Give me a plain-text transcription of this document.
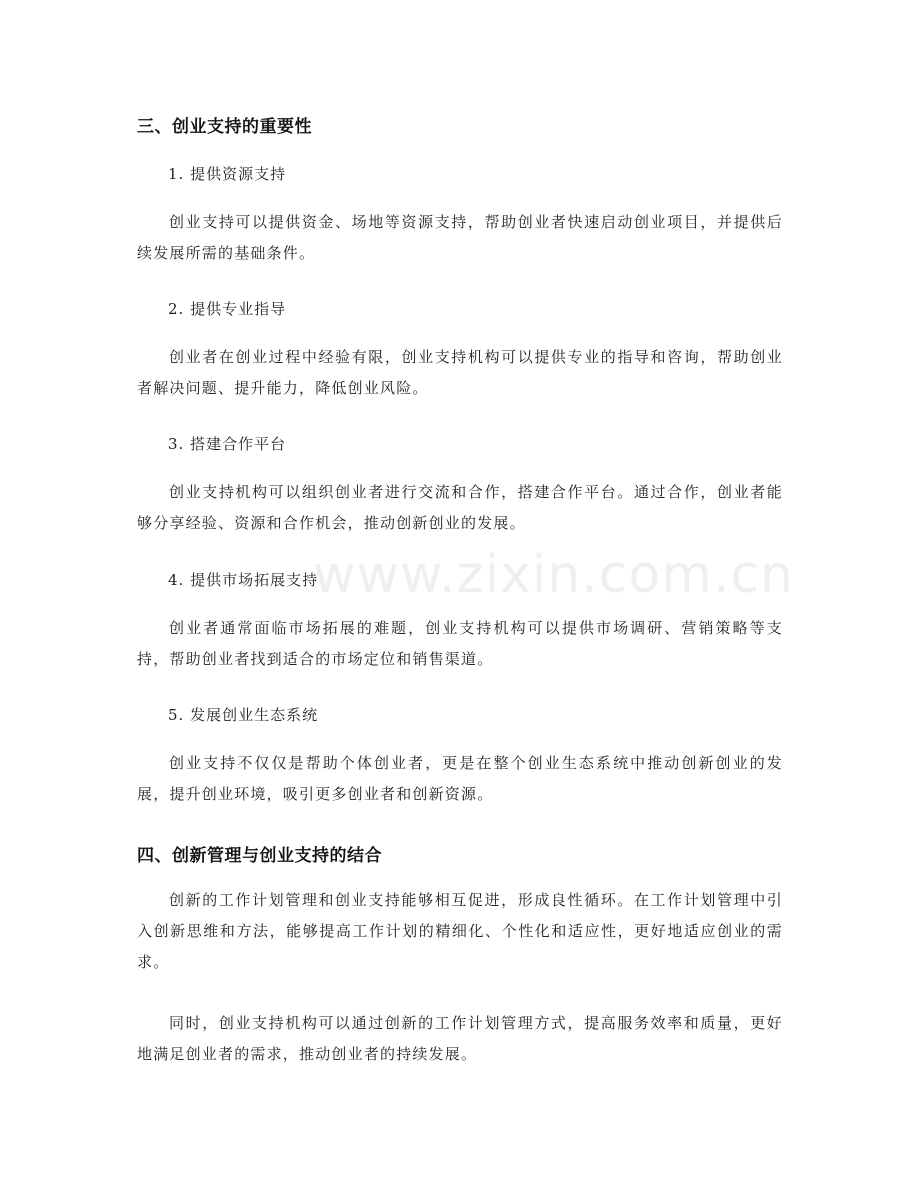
www.zixin.com.cn
三、创业支持的重要性
1. 提供资源支持
创业支持可以提供资金、场地等资源支持，帮助创业者快速启动创业项目，并提供后续发展所需的基础条件。
2. 提供专业指导
创业者在创业过程中经验有限，创业支持机构可以提供专业的指导和咨询，帮助创业者解决问题、提升能力，降低创业风险。
3. 搭建合作平台
创业支持机构可以组织创业者进行交流和合作，搭建合作平台。通过合作，创业者能够分享经验、资源和合作机会，推动创新创业的发展。
4. 提供市场拓展支持
创业者通常面临市场拓展的难题，创业支持机构可以提供市场调研、营销策略等支持，帮助创业者找到适合的市场定位和销售渠道。
5. 发展创业生态系统
创业支持不仅仅是帮助个体创业者，更是在整个创业生态系统中推动创新创业的发展，提升创业环境，吸引更多创业者和创新资源。
四、创新管理与创业支持的结合
创新的工作计划管理和创业支持能够相互促进，形成良性循环。在工作计划管理中引入创新思维和方法，能够提高工作计划的精细化、个性化和适应性，更好地适应创业的需求。
同时，创业支持机构可以通过创新的工作计划管理方式，提高服务效率和质量，更好地满足创业者的需求，推动创业者的持续发展。
